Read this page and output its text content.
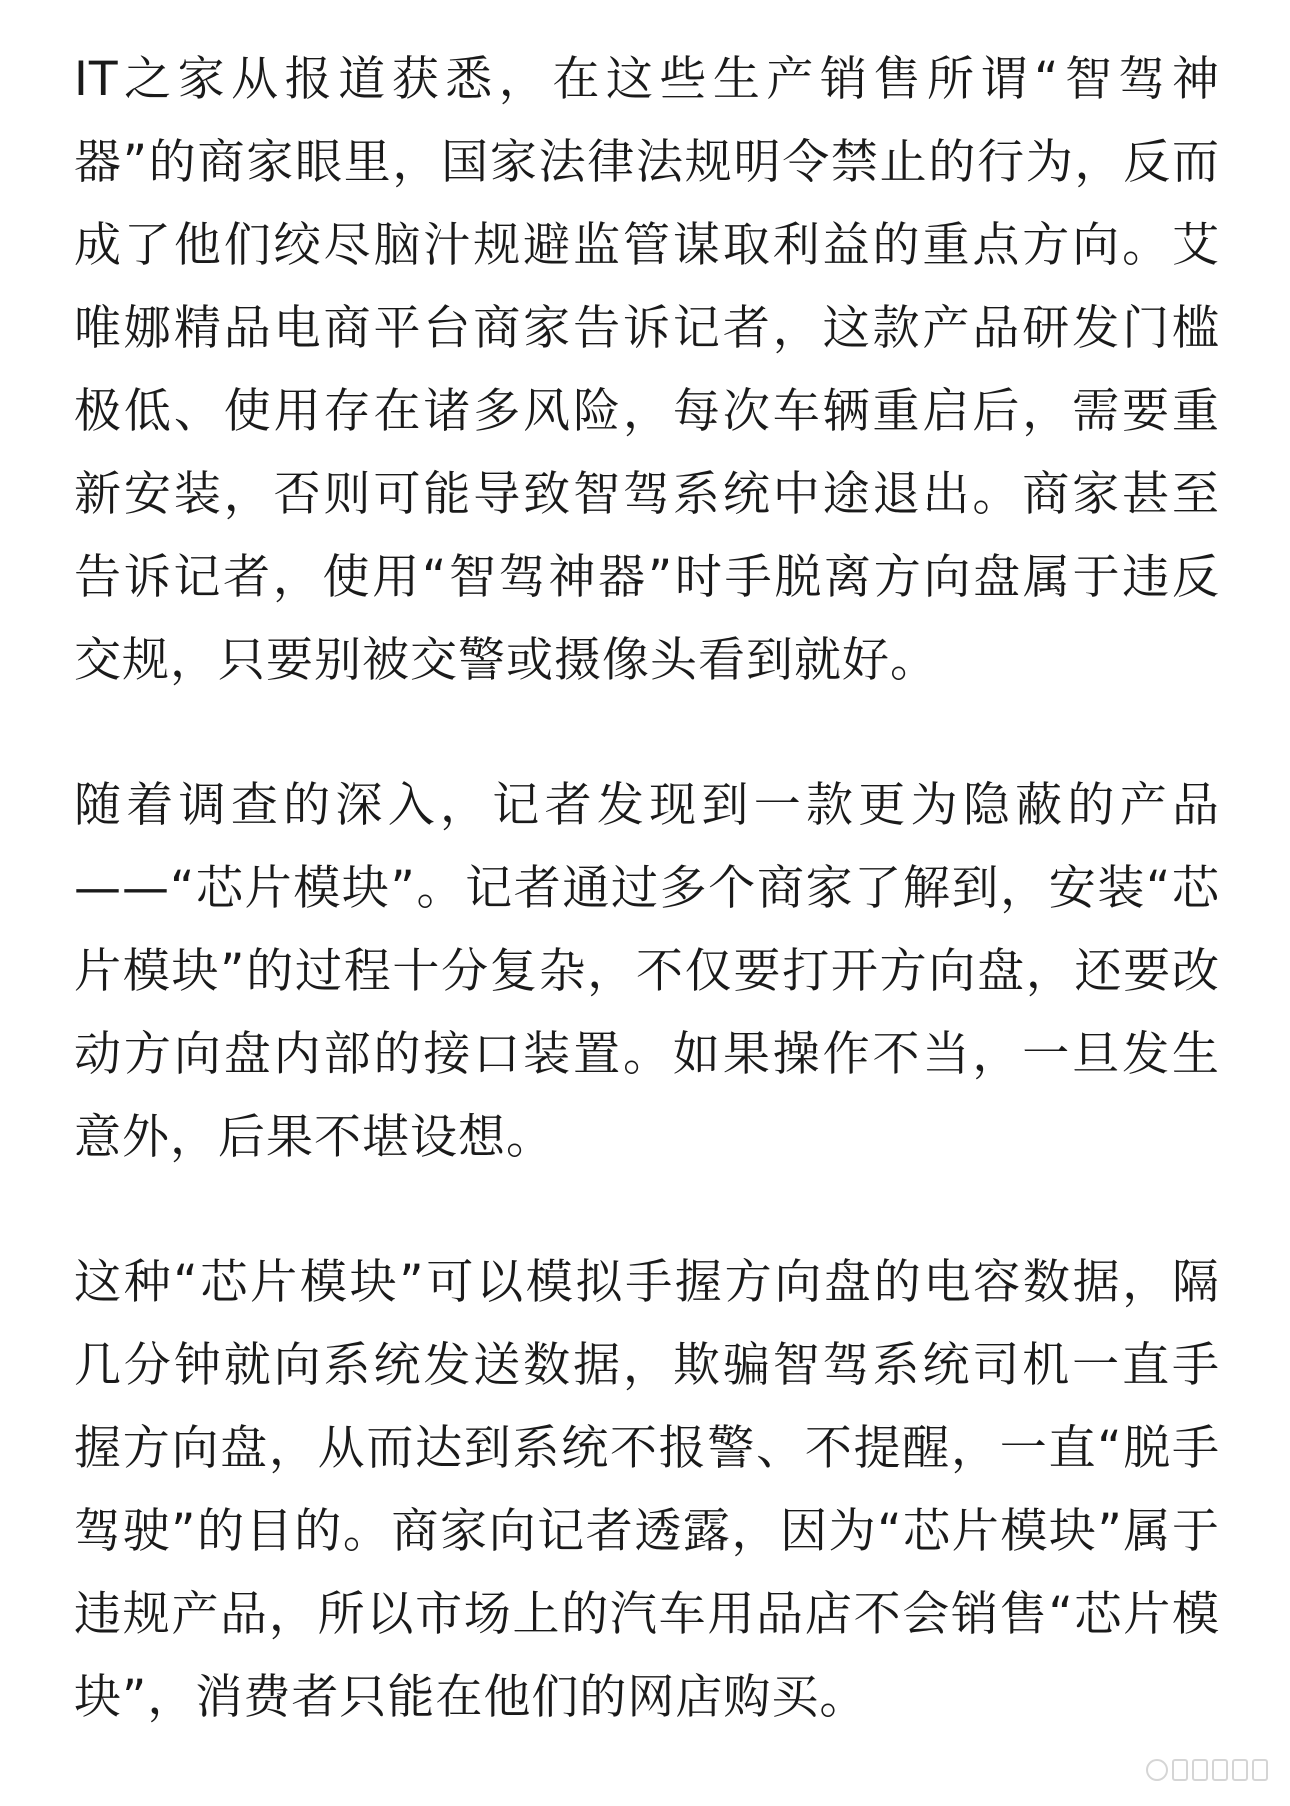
IT之家从报道获悉，在这些生产销售所谓“智驾神器”的商家眼里，国家法律法规明令禁止的行为，反而成了他们绞尽脑汁规避监管谋取利益的重点方向。艾唯娜精品电商平台商家告诉记者，这款产品研发门槛极低、使用存在诸多风险，每次车辆重启后，需要重新安装，否则可能导致智驾系统中途退出。商家甚至告诉记者，使用“智驾神器”时手脱离方向盘属于违反交规，只要别被交警或摄像头看到就好。

随着调查的深入，记者发现到一款更为隐蔽的产品——“芯片模块”。记者通过多个商家了解到，安装“芯片模块”的过程十分复杂，不仅要打开方向盘，还要改动方向盘内部的接口装置。如果操作不当，一旦发生意外，后果不堪设想。

这种“芯片模块”可以模拟手握方向盘的电容数据，隔几分钟就向系统发送数据，欺骗智驾系统司机一直手握方向盘，从而达到系统不报警、不提醒，一直“脱手驾驶”的目的。商家向记者透露，因为“芯片模块”属于违规产品，所以市场上的汽车用品店不会销售“芯片模块”，消费者只能在他们的网店购买。
